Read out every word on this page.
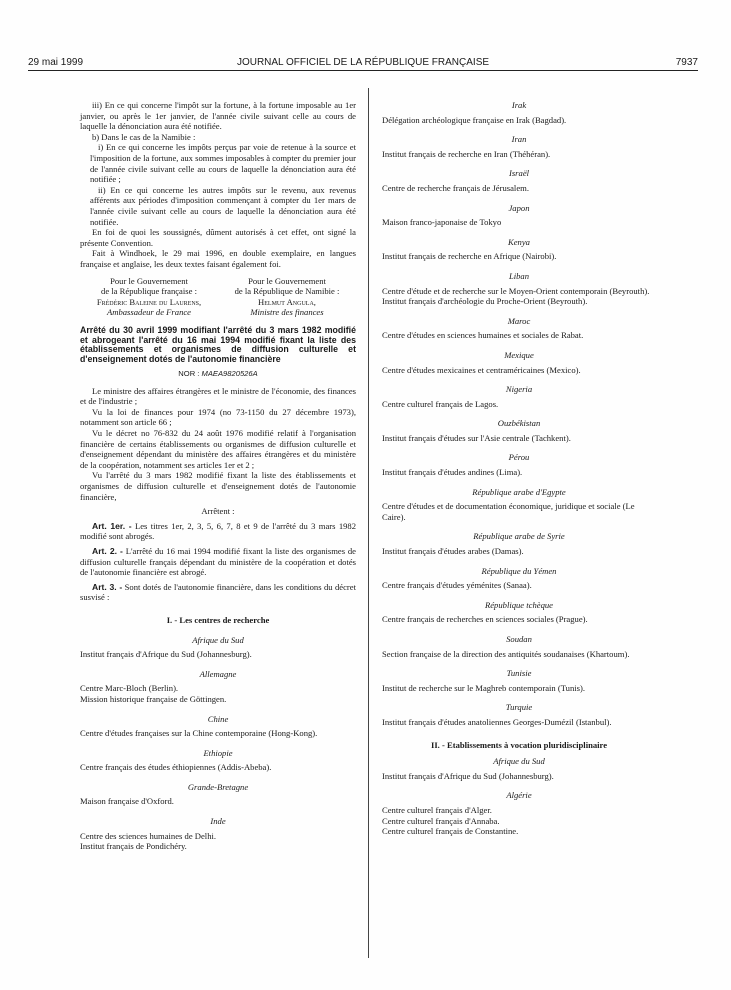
29 mai 1999	JOURNAL OFFICIEL DE LA RÉPUBLIQUE FRANÇAISE	7937

iii) En ce qui concerne l'impôt sur la fortune, à la fortune imposable au 1er janvier, ou après le 1er janvier, de l'année civile suivant celle au cours de laquelle la dénonciation aura été notifiée.

b) Dans le cas de la Namibie :

i) En ce qui concerne les impôts perçus par voie de retenue à la source et l'imposition de la fortune, aux sommes imposables à compter du premier jour de l'année civile suivant celle au cours de laquelle la dénonciation aura été notifiée ;

ii) En ce qui concerne les autres impôts sur le revenu, aux revenus afférents aux périodes d'imposition commençant à compter du 1er mars de l'année civile suivant celle au cours de laquelle la dénonciation aura été notifiée.

En foi de quoi les soussignés, dûment autorisés à cet effet, ont signé la présente Convention.

Fait à Windhoek, le 29 mai 1996, en double exemplaire, en langues française et anglaise, les deux textes faisant également foi.

Pour le Gouvernement
de la République française :
Frédéric Baleine du Laurens,
Ambassadeur de France
Pour le Gouvernement
de la République de Namibie :
Helmut Angula,
Ministre des finances

Arrêté du 30 avril 1999 modifiant l'arrêté du 3 mars 1982 modifié et abrogeant l'arrêté du 16 mai 1994 modifié fixant la liste des établissements et organismes de diffusion culturelle et d'enseignement dotés de l'autonomie financière

NOR : MAEA9820526A

Le ministre des affaires étrangères et le ministre de l'économie, des finances et de l'industrie ;

Vu la loi de finances pour 1974 (no 73-1150 du 27 décembre 1973), notamment son article 66 ;

Vu le décret no 76-832 du 24 août 1976 modifié relatif à l'organisation financière de certains établissements ou organismes de diffusion culturelle et d'enseignement dépendant du ministère des affaires étrangères et du ministère de la coopération, notamment ses articles 1er et 2 ;

Vu l'arrêté du 3 mars 1982 modifié fixant la liste des établissements et organismes de diffusion culturelle et d'enseignement dotés de l'autonomie financière,

Arrêtent :

Art. 1er. - Les titres 1er, 2, 3, 5, 6, 7, 8 et 9 de l'arrêté du 3 mars 1982 modifié sont abrogés.

Art. 2. - L'arrêté du 16 mai 1994 modifié fixant la liste des organismes de diffusion culturelle français dépendant du ministère de la coopération et dotés de l'autonomie financière est abrogé.

Art. 3. - Sont dotés de l'autonomie financière, dans les conditions du décret susvisé :

I. - Les centres de recherche
Afrique du Sud

Institut français d'Afrique du Sud (Johannesburg).

Allemagne

Centre Marc-Bloch (Berlin).

Mission historique française de Göttingen.

Chine

Centre d'études françaises sur la Chine contemporaine (Hong-Kong).

Ethiopie

Centre français des études éthiopiennes (Addis-Abeba).

Grande-Bretagne

Maison française d'Oxford.

Inde

Centre des sciences humaines de Delhi.

Institut français de Pondichéry.

Irak

Délégation archéologique française en Irak (Bagdad).

Iran

Institut français de recherche en Iran (Théhéran).

Israël

Centre de recherche français de Jérusalem.

Japon

Maison franco-japonaise de Tokyo

Kenya

Institut français de recherche en Afrique (Nairobi).

Liban

Centre d'étude et de recherche sur le Moyen-Orient contemporain (Beyrouth).

Institut français d'archéologie du Proche-Orient (Beyrouth).

Maroc

Centre d'études en sciences humaines et sociales de Rabat.

Mexique

Centre d'études mexicaines et centraméricaines (Mexico).

Nigeria

Centre culturel français de Lagos.

Ouzbékistan

Institut français d'études sur l'Asie centrale (Tachkent).

Pérou

Institut français d'études andines (Lima).

République arabe d'Egypte

Centre d'études et de documentation économique, juridique et sociale (Le Caire).

République arabe de Syrie

Institut français d'études arabes (Damas).

République du Yémen

Centre français d'études yéménites (Sanaa).

République tchèque

Centre français de recherches en sciences sociales (Prague).

Soudan

Section française de la direction des antiquités soudanaises (Khartoum).

Tunisie

Institut de recherche sur le Maghreb contemporain (Tunis).

Turquie

Institut français d'études anatoliennes Georges-Dumézil (Istanbul).

II. - Etablissements à vocation pluridisciplinaire
Afrique du Sud

Institut français d'Afrique du Sud (Johannesburg).

Algérie

Centre culturel français d'Alger.

Centre culturel français d'Annaba.

Centre culturel français de Constantine.
